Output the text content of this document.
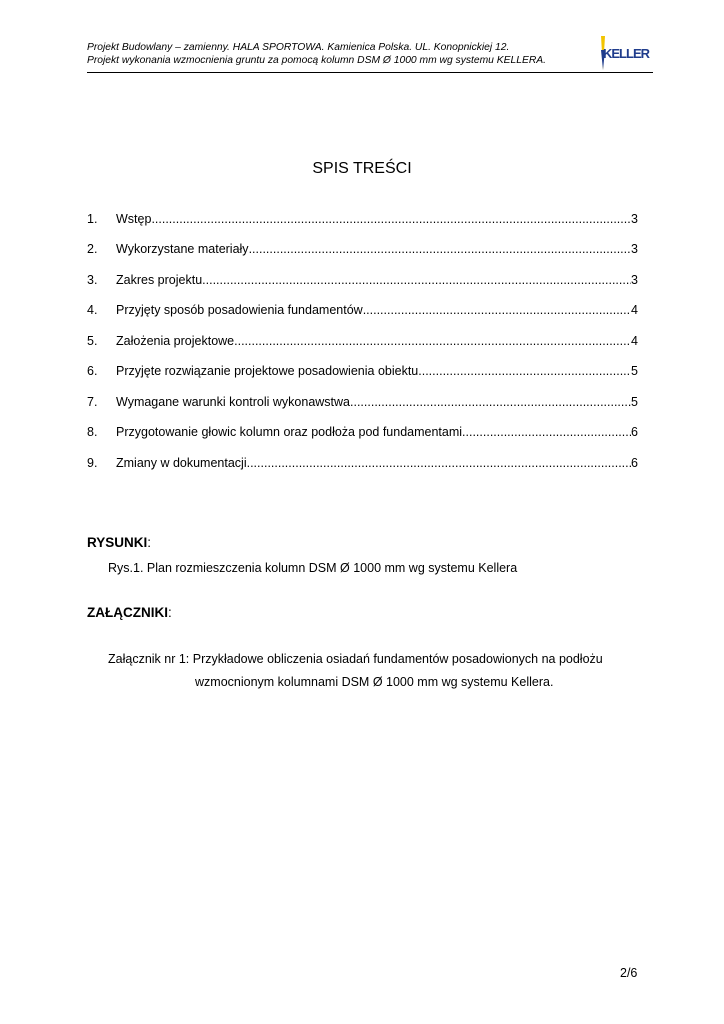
Projekt Budowlany – zamienny. HALA SPORTOWA. Kamienica Polska. UL. Konopnickiej 12.
Projekt wykonania wzmocnienia gruntu za pomocą kolumn DSM Ø 1000 mm wg systemu KELLERA.	KELLER
SPIS TREŚCI
1.	Wstęp .....	3
2.	Wykorzystane materiały .....	3
3.	Zakres projektu .....	3
4.	Przyjęty sposób posadowienia fundamentów .....	4
5.	Założenia projektowe .....	4
6.	Przyjęte rozwiązanie projektowe posadowienia obiektu .....	5
7.	Wymagane warunki kontroli wykonawstwa .....	5
8.	Przygotowanie głowic kolumn oraz podłoża pod fundamentami .....	6
9.	Zmiany w dokumentacji .....	6
RYSUNKI:
Rys.1. Plan rozmieszczenia kolumn DSM Ø 1000 mm wg systemu Kellera
ZAŁĄCZNIKI:
Załącznik nr 1: Przykładowe obliczenia osiadań fundamentów posadowionych na podłożu
wzmocnionym kolumnami DSM Ø 1000 mm wg systemu Kellera.
2/6
